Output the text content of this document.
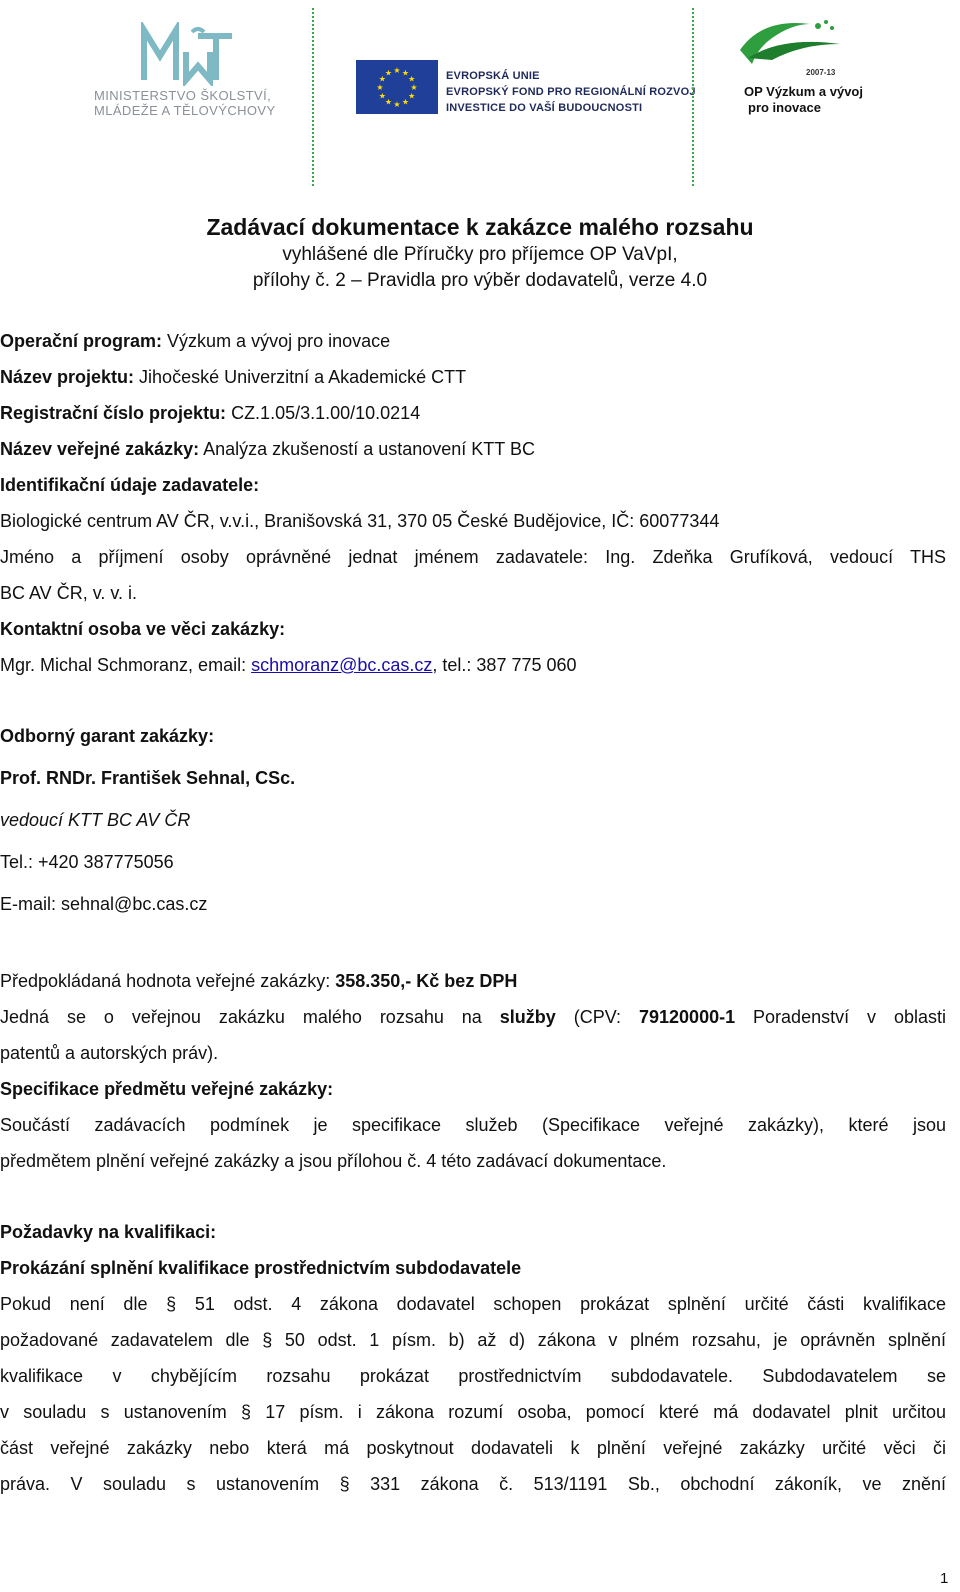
MINISTERSTVO ŠKOLSTVÍ,
MLÁDEŽE A TĚLOVÝCHOVY
★ ★
★
★
★
★
★
★
★
★
★
★	EVROPSKÁ UNIE
EVROPSKÝ FOND PRO REGIONÁLNÍ ROZVOJ
INVESTICE DO VAŠÍ BUDOUCNOSTI
2007-13
OP Výzkum a vývoj
pro inovace
Zadávací dokumentace k zakázce malého rozsahu
vyhlášené dle Příručky pro příjemce OP VaVpI,
přílohy č. 2 – Pravidla pro výběr dodavatelů, verze 4.0
Operační program: Výzkum a vývoj pro inovace
Název projektu: Jihočeské Univerzitní a Akademické CTT
Registrační číslo projektu: CZ.1.05/3.1.00/10.0214
Název veřejné zakázky: Analýza zkušeností a ustanovení KTT BC
Identifikační údaje zadavatele:
Biologické centrum AV ČR, v.v.i., Branišovská 31, 370 05 České Budějovice, IČ: 60077344
Jméno a příjmení osoby oprávněné jednat jménem zadavatele: Ing. Zdeňka Grufíková, vedoucí THS
BC AV ČR, v. v. i.
Kontaktní osoba ve věci zakázky:
Mgr. Michal Schmoranz, email: schmoranz@bc.cas.cz, tel.: 387 775 060
Odborný garant zakázky:
Prof. RNDr. František Sehnal, CSc.
vedoucí KTT BC AV ČR
Tel.: +420 387775056
E-mail: sehnal@bc.cas.cz
Předpokládaná hodnota veřejné zakázky: 358.350,- Kč bez DPH
Jedná se o veřejnou zakázku malého rozsahu na služby (CPV: 79120000-1 Poradenství v oblasti
patentů a autorských práv).
Specifikace předmětu veřejné zakázky:
Součástí zadávacích podmínek je specifikace služeb (Specifikace veřejné zakázky), které jsou
předmětem plnění veřejné zakázky a jsou přílohou č. 4 této zadávací dokumentace.
Požadavky na kvalifikaci:
Prokázání splnění kvalifikace prostřednictvím subdodavatele
Pokud není dle § 51 odst. 4 zákona dodavatel schopen prokázat splnění určité části kvalifikace
požadované zadavatelem dle § 50 odst. 1 písm. b) až d) zákona v plném rozsahu, je oprávněn splnění
kvalifikace v chybějícím rozsahu prokázat prostřednictvím subdodavatele. Subdodavatelem se
v souladu s ustanovením § 17 písm. i zákona rozumí osoba, pomocí které má dodavatel plnit určitou
část veřejné zakázky nebo která má poskytnout dodavateli k plnění veřejné zakázky určité věci či
práva. V souladu s ustanovením § 331 zákona č. 513/1191 Sb., obchodní zákoník, ve znění
1
